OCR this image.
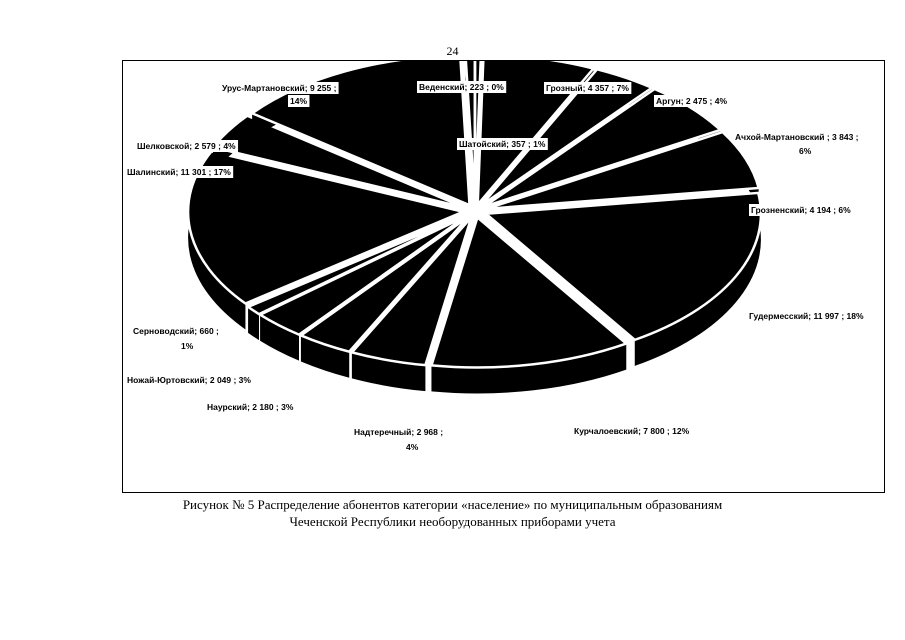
24
Веденский; 223 ; 0%	Грозный; 4 357 ; 7%
Аргун; 2 475 ; 4%
Ачхой-Мартановский ; 3 843 ;
6%
Грозненский; 4 194 ; 6%
Гудермесский; 11 997 ; 18%
Курчалоевский; 7 800 ; 12%
Надтеречный; 2 968 ;
4%
Наурский; 2 180 ; 3%
Ножай-Юртовский; 2 049 ; 3%
Серноводский; 660 ;
1%
Шалинский; 11 301 ; 17%
Шелковской; 2 579 ; 4%
Урус-Мартановский; 9 255 ;
14%
Шатойский; 357 ; 1%
Рисунок № 5 Распределение абонентов категории «население» по муниципальным образованиям
Чеченской Республики необорудованных приборами учета
